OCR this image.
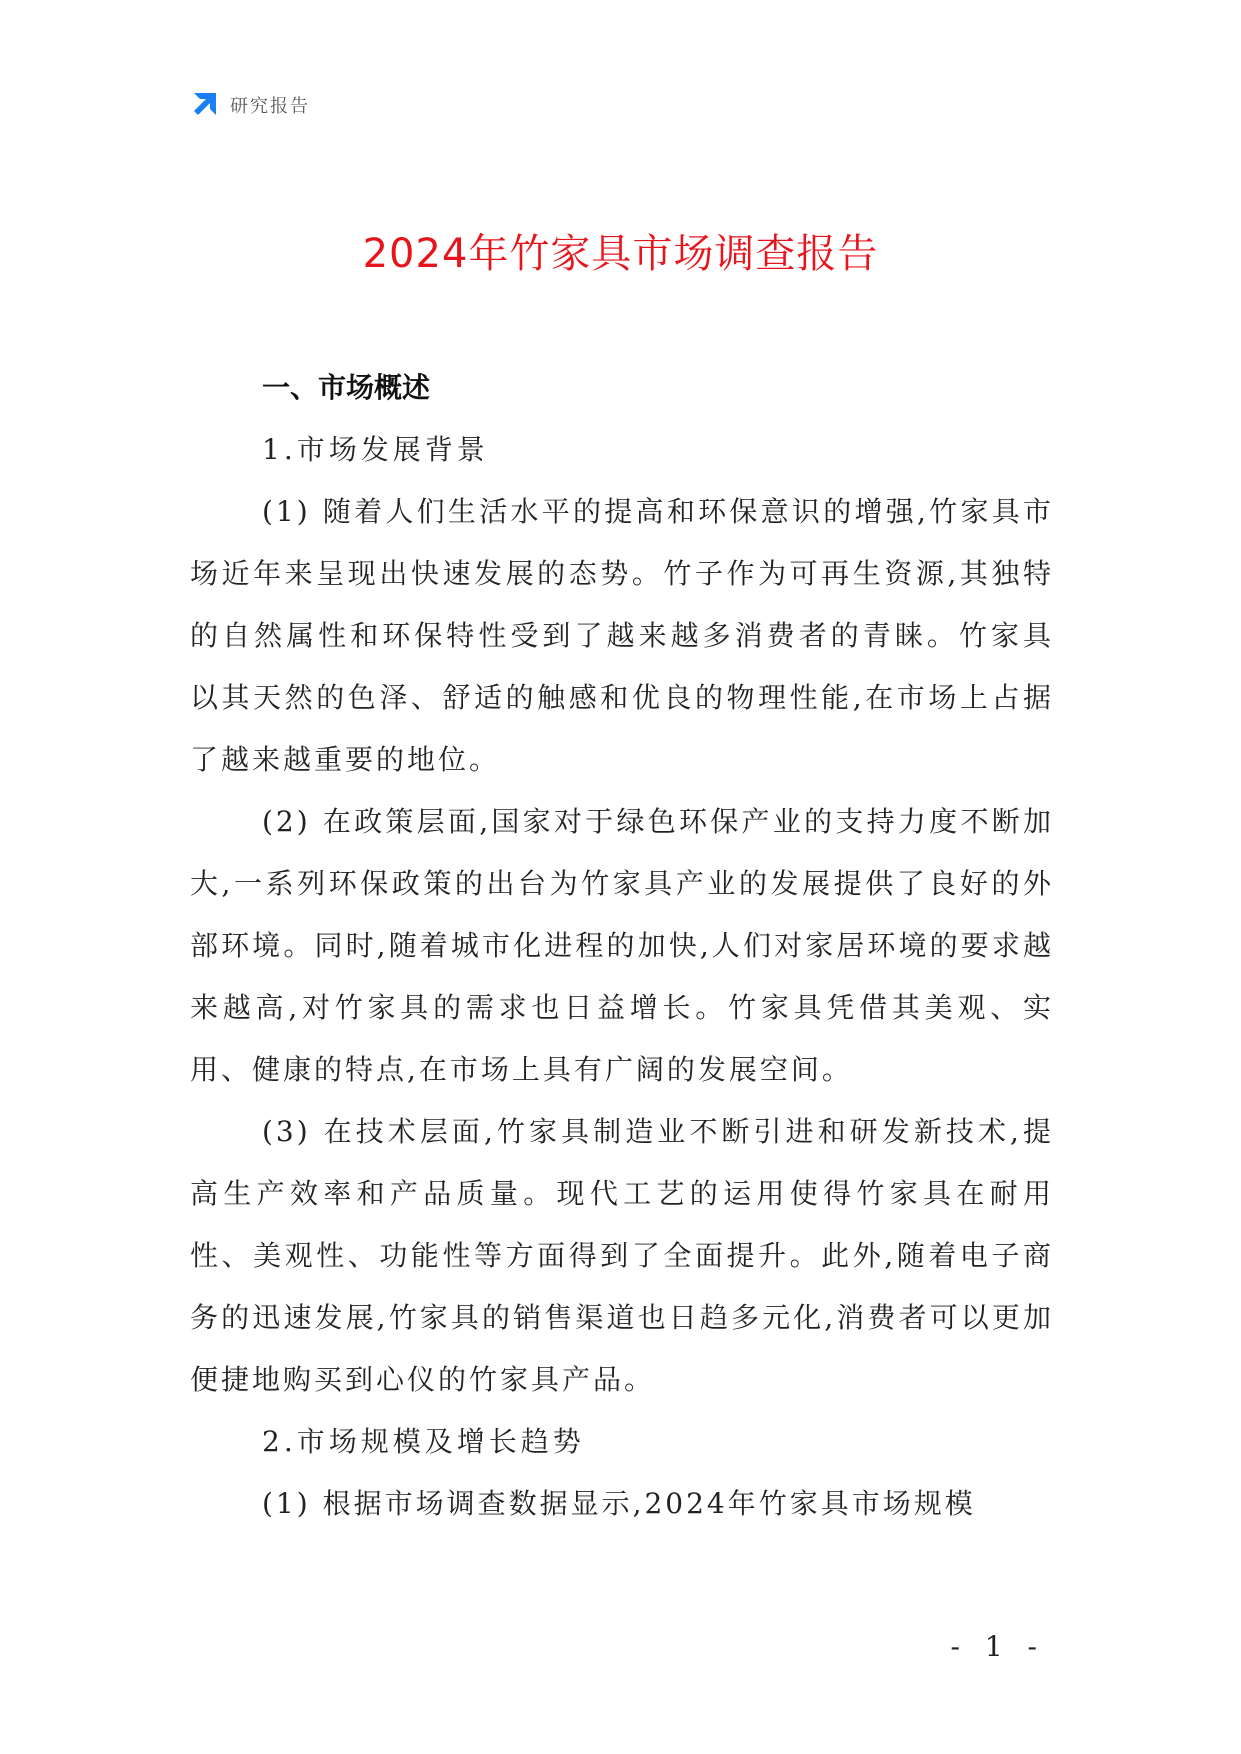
研究报告
2024年竹家具市场调查报告
一、市场概述
1.市场发展背景

(1) 随着人们生活水平的提高和环保意识的增强,竹家具市场近年来呈现出快速发展的态势。竹子作为可再生资源,其独特的自然属性和环保特性受到了越来越多消费者的青睐。竹家具以其天然的色泽、舒适的触感和优良的物理性能,在市场上占据了越来越重要的地位。

(2) 在政策层面,国家对于绿色环保产业的支持力度不断加大,一系列环保政策的出台为竹家具产业的发展提供了良好的外部环境。同时,随着城市化进程的加快,人们对家居环境的要求越来越高,对竹家具的需求也日益增长。竹家具凭借其美观、实用、健康的特点,在市场上具有广阔的发展空间。

(3) 在技术层面,竹家具制造业不断引进和研发新技术,提高生产效率和产品质量。现代工艺的运用使得竹家具在耐用性、美观性、功能性等方面得到了全面提升。此外,随着电子商务的迅速发展,竹家具的销售渠道也日趋多元化,消费者可以更加便捷地购买到心仪的竹家具产品。

2.市场规模及增长趋势

(1) 根据市场调查数据显示,2024年竹家具市场规模

- 1 -
